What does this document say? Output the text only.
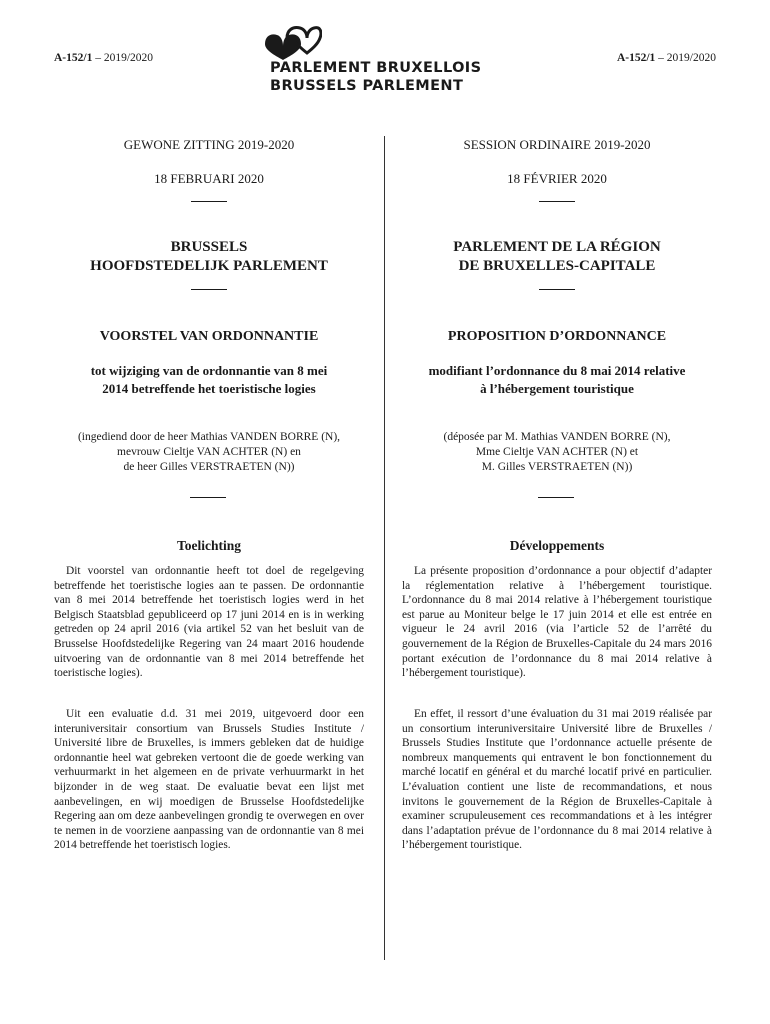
A-152/1 – 2019/2020	A-152/1 – 2019/2020
PARLEMENT BRUXELLOIS
BRUSSELS PARLEMENT
GEWONE ZITTING 2019-2020
18 FEBRUARI 2020
BRUSSELS
HOOFDSTEDELIJK PARLEMENT
VOORSTEL VAN ORDONNANTIE
tot wijziging van de ordonnantie van 8 mei
2014 betreffende het toeristische logies
(ingediend door de heer Mathias VANDEN BORRE (N),
mevrouw Cieltje VAN ACHTER (N) en
de heer Gilles VERSTRAETEN (N))
Toelichting
Dit voorstel van ordonnantie heeft tot doel de regelgeving betreffende het toeristische logies aan te passen. De ordonnantie van 8 mei 2014 betreffende het toeristisch logies werd in het Belgisch Staatsblad gepubliceerd op 17 juni 2014 en is in werking getreden op 24 april 2016 (via artikel 52 van het besluit van de Brusselse Hoofdstedelijke Regering van 24 maart 2016 houdende uitvoering van de ordonnantie van 8 mei 2014 betreffende het toeristische logies).
Uit een evaluatie d.d. 31 mei 2019, uitgevoerd door een interuniversitair consortium van Brussels Studies Institute / Université libre de Bruxelles, is immers gebleken dat de huidige ordonnantie heel wat gebreken vertoont die de goede werking van verhuurmarkt in het algemeen en de private verhuurmarkt in het bijzonder in de weg staat. De evaluatie bevat een lijst met aanbevelingen, en wij moedigen de Brusselse Hoofdstedelijke Regering aan om deze aanbevelingen grondig te overwegen en over te nemen in de voorziene aanpassing van de ordonnantie van 8 mei 2014 betreffende het toeristisch logies.
SESSION ORDINAIRE 2019-2020
18 FÉVRIER 2020
PARLEMENT DE LA RÉGION
DE BRUXELLES-CAPITALE
PROPOSITION D’ORDONNANCE
modifiant l’ordonnance du 8 mai 2014 relative
à l’hébergement touristique
(déposée par M. Mathias VANDEN BORRE (N),
Mme Cieltje VAN ACHTER (N) et
M. Gilles VERSTRAETEN (N))
Développements
La présente proposition d’ordonnance a pour objectif d’adapter la réglementation relative à l’hébergement touristique. L’ordonnance du 8 mai 2014 relative à l’hébergement touristique est parue au Moniteur belge le 17 juin 2014 et elle est entrée en vigueur le 24 avril 2016 (via l’article 52 de l’arrêté du gouvernement de la Région de Bruxelles-Capitale du 24 mars 2016 portant exécution de l’ordonnance du 8 mai 2014 relative à l’hébergement touristique).
En effet, il ressort d’une évaluation du 31 mai 2019 réalisée par un consortium interuniversitaire Université libre de Bruxelles / Brussels Studies Institute que l’ordonnance actuelle présente de nombreux manquements qui entravent le bon fonctionnement du marché locatif en général et du marché locatif privé en particulier. L’évaluation contient une liste de recommandations, et nous invitons le gouvernement de la Région de Bruxelles-Capitale à examiner scrupuleusement ces recommandations et à les intégrer dans l’adaptation prévue de l’ordonnance du 8 mai 2014 relative à l’hébergement touristique.
